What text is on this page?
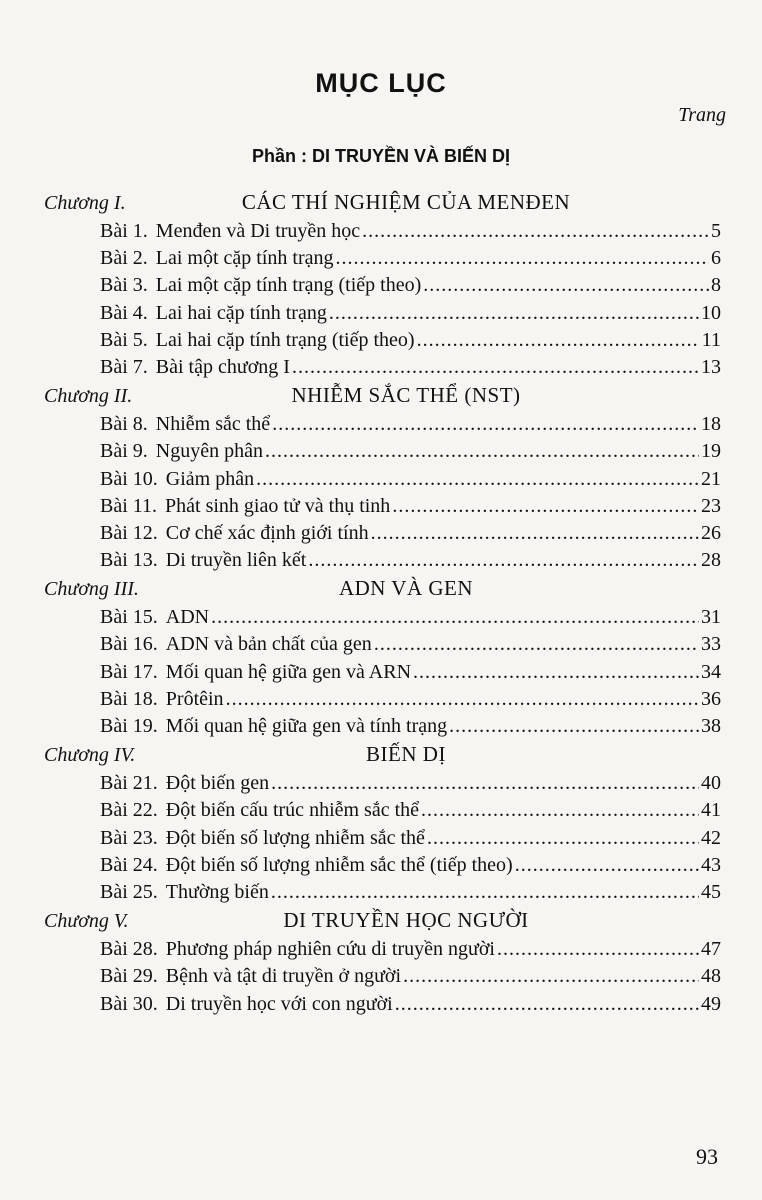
MỤC LỤC
Trang
Phần : DI TRUYỀN VÀ BIẾN DỊ
Chương I.	CÁC THÍ NGHIỆM CỦA MENĐEN
Bài 1. Menđen và Di truyền học .....	5
Bài 2. Lai một cặp tính trạng .....	6
Bài 3. Lai một cặp tính trạng (tiếp theo) .....	8
Bài 4. Lai hai cặp tính trạng .....	10
Bài 5. Lai hai cặp tính trạng (tiếp theo) .....	11
Bài 7. Bài tập chương I .....	13
Chương II.	NHIỄM SẮC THỂ (NST)
Bài 8. Nhiễm sắc thể .....	18
Bài 9. Nguyên phân .....	19
Bài 10. Giảm phân .....	21
Bài 11. Phát sinh giao tử và thụ tinh .....	23
Bài 12. Cơ chế xác định giới tính .....	26
Bài 13. Di truyền liên kết .....	28
Chương III.	ADN VÀ GEN
Bài 15. ADN .....	31
Bài 16. ADN và bản chất của gen .....	33
Bài 17. Mối quan hệ giữa gen và ARN .....	34
Bài 18. Prôtêin .....	36
Bài 19. Mối quan hệ giữa gen và tính trạng .....	38
Chương IV.	BIẾN DỊ
Bài 21. Đột biến gen .....	40
Bài 22. Đột biến cấu trúc nhiễm sắc thể .....	41
Bài 23. Đột biến số lượng nhiễm sắc thể .....	42
Bài 24. Đột biến số lượng nhiễm sắc thể (tiếp theo) .....	43
Bài 25. Thường biến .....	45
Chương V.	DI TRUYỀN HỌC NGƯỜI
Bài 28. Phương pháp nghiên cứu di truyền người .....	47
Bài 29. Bệnh và tật di truyền ở người .....	48
Bài 30. Di truyền học với con người .....	49
93
